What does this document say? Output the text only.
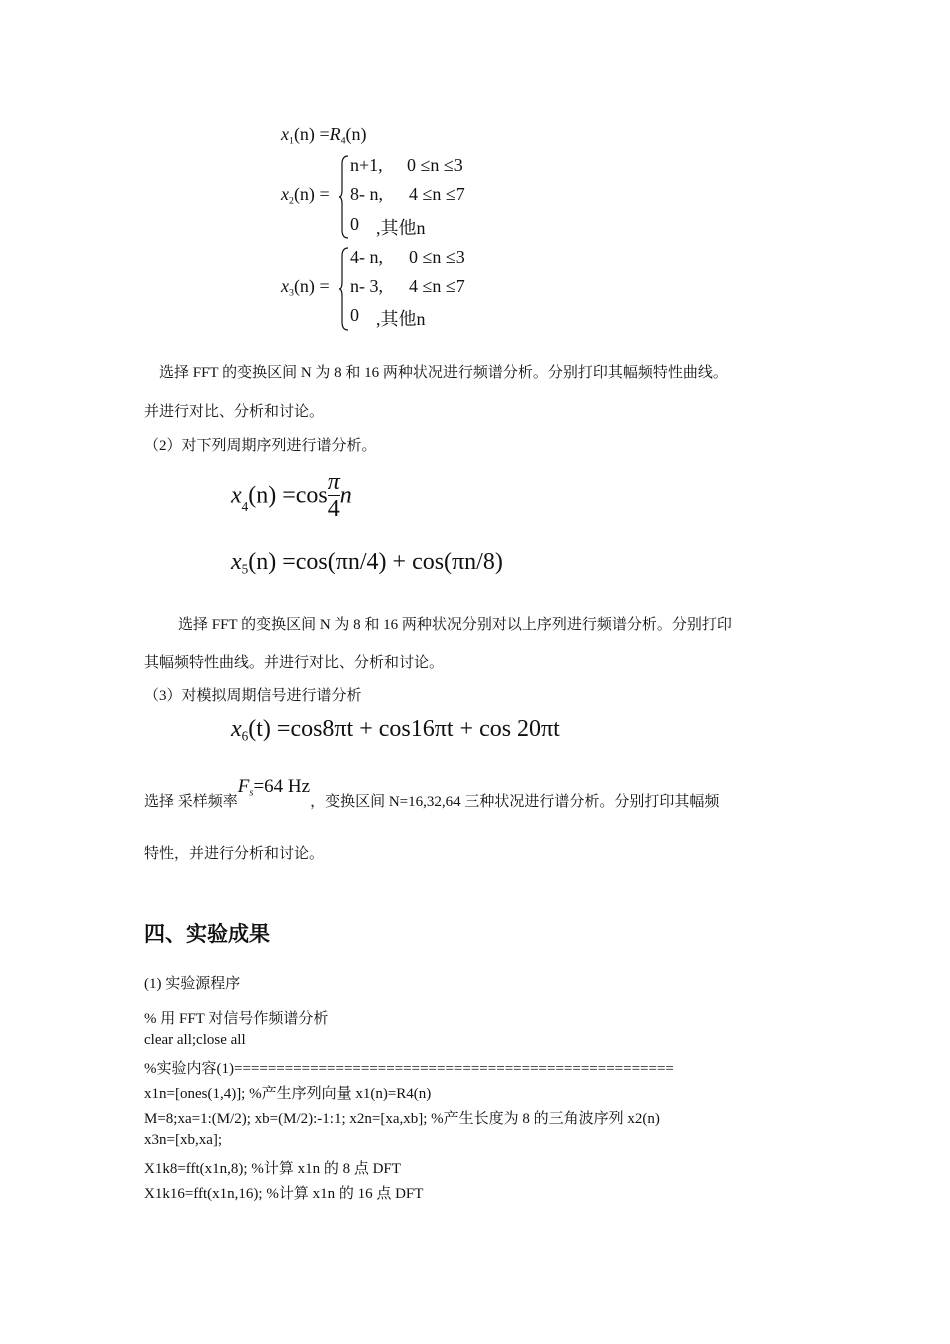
$x_1(n) =R_4(n)$
$x_2(n)$ =
n+1, 0 ≤n ≤3
8- n, 4 ≤n ≤7
0 ,其他n
$x_3(n)$ =
4- n, 0 ≤n ≤3
n- 3, 4 ≤n ≤7
0 ,其他n
选择 FFT 的变换区间 N 为 8 和 16 两种状况进行频谱分析。分别打印其幅频特性曲线。
并进行对比、分析和讨论。
（2）对下列周期序列进行谱分析。
$x_4(n) =\cos \frac{\pi}{4}$ n
$x_5(n) =\cos(\pi n/4) + \cos(\pi n/8)$
选择 FFT 的变换区间 N 为 8 和 16 两种状况分别对以上序列进行频谱分析。分别打印
其幅频特性曲线。并进行对比、分析和讨论。
（3）对模拟周期信号进行谱分析
$x_6(t) =\cos 8\pi t + \cos 16\pi t + \cos 20\pi t$
选择 采样频率$F_s=64$ Hz，变换区间 N=16,32,64 三种状况进行谱分析。分别打印其幅频
特性，并进行分析和讨论。
四、实验成果
(1) 实验源程序
% 用 FFT 对信号作频谱分析
clear all;close all
%实验内容(1)====================================================
x1n=[ones(1,4)]; %产生序列向量 x1(n)=R4(n)
M=8;xa=1:(M/2); xb=(M/2):-1:1; x2n=[xa,xb]; %产生长度为 8 的三角波序列 x2(n)
x3n=[xb,xa];
X1k8=fft(x1n,8); %计算 x1n 的 8 点 DFT
X1k16=fft(x1n,16); %计算 x1n 的 16 点 DFT
